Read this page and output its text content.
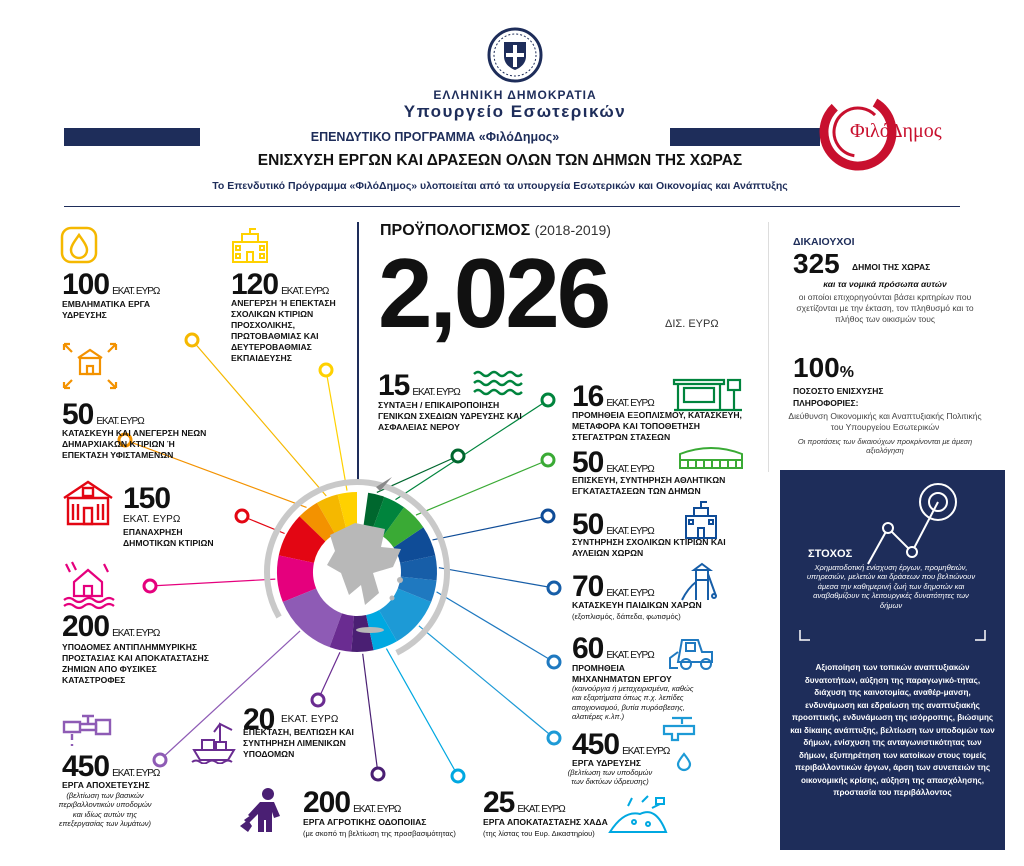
ΕΛΛΗΝΙΚΗ ΔΗΜΟΚΡΑΤΙΑ
Υπουργείο Εσωτερικών
ΕΠΕΝΔΥΤΙΚΟ ΠΡΟΓΡΑΜΜΑ «ΦιλόΔημος»	ΦιλόΔημος
ΕΝΙΣΧΥΣΗ ΕΡΓΩΝ ΚΑΙ ΔΡΑΣΕΩΝ ΟΛΩΝ ΤΩΝ ΔΗΜΩΝ ΤΗΣ ΧΩΡΑΣ
Το Επενδυτικό Πρόγραμμα «ΦιλόΔημος» υλοποιείται από τα υπουργεία Εσωτερικών και Οικονομίας και Ανάπτυξης
ΠΡΟΫΠΟΛΟΓΙΣΜΟΣ (2018-2019)
2,026	ΔΙΣ. ΕΥΡΩ
100 ΕΚΑΤ. ΕΥΡΩ
ΕΜΒΛΗΜΑΤΙΚΑ ΕΡΓΑ ΥΔΡΕΥΣΗΣ
120 ΕΚΑΤ. ΕΥΡΩ
ΑΝΕΓΕΡΣΗ Ή ΕΠΕΚΤΑΣΗ ΣΧΟΛΙΚΩΝ ΚΤΙΡΙΩΝ ΠΡΟΣΧΟΛΙΚΗΣ, ΠΡΩΤΟΒΑΘΜΙΑΣ ΚΑΙ ΔΕΥΤΕΡΟΒΑΘΜΙΑΣ ΕΚΠΑΙΔΕΥΣΗΣ
50 ΕΚΑΤ. ΕΥΡΩ
ΚΑΤΑΣΚΕΥΗ ΚΑΙ ΑΝΕΓΕΡΣΗ ΝΕΩΝ ΔΗΜΑΡΧΙΑΚΩΝ ΚΤΙΡΙΩΝ Ή ΕΠΕΚΤΑΣΗ ΥΦΙΣΤΑΜΕΝΩΝ
150
ΕΚΑΤ. ΕΥΡΩ
ΕΠΑΝΑΧΡΗΣΗ ΔΗΜΟΤΙΚΩΝ ΚΤΙΡΙΩΝ
200 ΕΚΑΤ. ΕΥΡΩ
ΥΠΟΔΟΜΕΣ ΑΝΤΙΠΛΗΜΜΥΡΙΚΗΣ ΠΡΟΣΤΑΣΙΑΣ ΚΑΙ ΑΠΟΚΑΤΑΣΤΑΣΗΣ ΖΗΜΙΩΝ ΑΠΟ ΦΥΣΙΚΕΣ ΚΑΤΑΣΤΡΟΦΕΣ
450 ΕΚΑΤ. ΕΥΡΩ
ΕΡΓΑ ΑΠΟΧΕΤΕΥΣΗΣ
(βελτίωση των βασικών περιβαλλοντικών υποδομών και ιδίως αυτών της επεξεργασίας των λυμάτων)
20 ΕΚΑΤ. ΕΥΡΩ
ΕΠΕΚΤΑΣΗ, ΒΕΛΤΙΩΣΗ ΚΑΙ ΣΥΝΤΗΡΗΣΗ ΛΙΜΕΝΙΚΩΝ ΥΠΟΔΟΜΩΝ
200 ΕΚΑΤ. ΕΥΡΩ
ΕΡΓΑ ΑΓΡΟΤΙΚΗΣ ΟΔΟΠΟΙΙΑΣ
(με σκοπό τη βελτίωση της προσβασιμότητας)
25 ΕΚΑΤ. ΕΥΡΩ
ΕΡΓΑ ΑΠΟΚΑΤΑΣΤΑΣΗΣ ΧΑΔΑ
(της λίστας του Ευρ. Δικαστηρίου)
15 ΕΚΑΤ. ΕΥΡΩ
ΣΥΝΤΑΞΗ / ΕΠΙΚΑΙΡΟΠΟΙΗΣΗ ΓΕΝΙΚΩΝ ΣΧΕΔΙΩΝ ΥΔΡΕΥΣΗΣ ΚΑΙ ΑΣΦΑΛΕΙΑΣ ΝΕΡΟΥ
16 ΕΚΑΤ. ΕΥΡΩ
ΠΡΟΜΗΘΕΙΑ ΕΞΟΠΛΙΣΜΟΥ, ΚΑΤΑΣΚΕΥΗ, ΜΕΤΑΦΟΡΑ ΚΑΙ ΤΟΠΟΘΕΤΗΣΗ ΣΤΕΓΑΣΤΡΩΝ ΣΤΑΣΕΩΝ
50 ΕΚΑΤ. ΕΥΡΩ
ΕΠΙΣΚΕΥΗ, ΣΥΝΤΗΡΗΣΗ ΑΘΛΗΤΙΚΩΝ ΕΓΚΑΤΑΣΤΑΣΕΩΝ ΤΩΝ ΔΗΜΩΝ
50 ΕΚΑΤ. ΕΥΡΩ
ΣΥΝΤΗΡΗΣΗ ΣΧΟΛΙΚΩΝ ΚΤΙΡΙΩΝ ΚΑΙ ΑΥΛΕΙΩΝ ΧΩΡΩΝ
70 ΕΚΑΤ. ΕΥΡΩ
ΚΑΤΑΣΚΕΥΗ ΠΑΙΔΙΚΩΝ ΧΑΡΩΝ
(εξοπλισμός, δάπεδα, φωτισμός)
60 ΕΚΑΤ. ΕΥΡΩ
ΠΡΟΜΗΘΕΙΑ ΜΗΧΑΝΗΜΑΤΩΝ ΕΡΓΟΥ
(καινούργια ή μεταχειρισμένα, καθώς και εξαρτήματα όπως π.χ. λεπίδες αποχιονισμού, βυτία πυρόσβεσης, αλατιέρες κ.λπ.)
450 ΕΚΑΤ. ΕΥΡΩ
ΕΡΓΑ ΥΔΡΕΥΣΗΣ
(βελτίωση των υποδομών των δικτύων ύδρευσης)
ΔΙΚΑΙΟΥΧΟΙ
325 ΔΗΜΟΙ ΤΗΣ ΧΩΡΑΣ
και τα νομικά πρόσωπα αυτών
οι οποίοι επιχορηγούνται βάσει κριτηρίων που σχετίζονται με την έκταση, τον πληθυσμό και το πλήθος των οικισμών τους
100%
ΠΟΣΟΣΤΟ ΕΝΙΣΧΥΣΗΣ
ΠΛΗΡΟΦΟΡΙΕΣ:
Διεύθυνση Οικονομικής και Αναπτυξιακής Πολιτικής του Υπουργείου Εσωτερικών
Οι προτάσεις των δικαιούχων προκρίνονται με άμεση αξιολόγηση
ΣΤΟΧΟΣ
Χρηματοδοτική ενίσχυση έργων, προμηθειών, υπηρεσιών, μελετών και δράσεων που βελτιώνουν άμεσα την καθημερινή ζωή των δημοτών και αναβαθμίζουν τις λειτουργικές δυνατότητες των δήμων
Αξιοποίηση των τοπικών αναπτυξιακών δυνατοτήτων, αύξηση της παραγωγικό-τητας, διάχυση της καινοτομίας, αναθέρ-μανση, ενδυνάμωση και εδραίωση της αναπτυξιακής προοπτικής, ενδυνάμωση της ισόρροπης, βιώσιμης και δίκαιης ανάπτυξης, βελτίωση των υποδομών των δήμων, ενίσχυση της ανταγωνιστικότητας των δήμων, εξυπηρέτηση των κατοίκων στους τομείς περιβαλλοντικών έργων, άρση των συνεπειών της οικονομικής κρίσης, αύξηση της απασχόλησης, προστασία του περιβάλλοντος
